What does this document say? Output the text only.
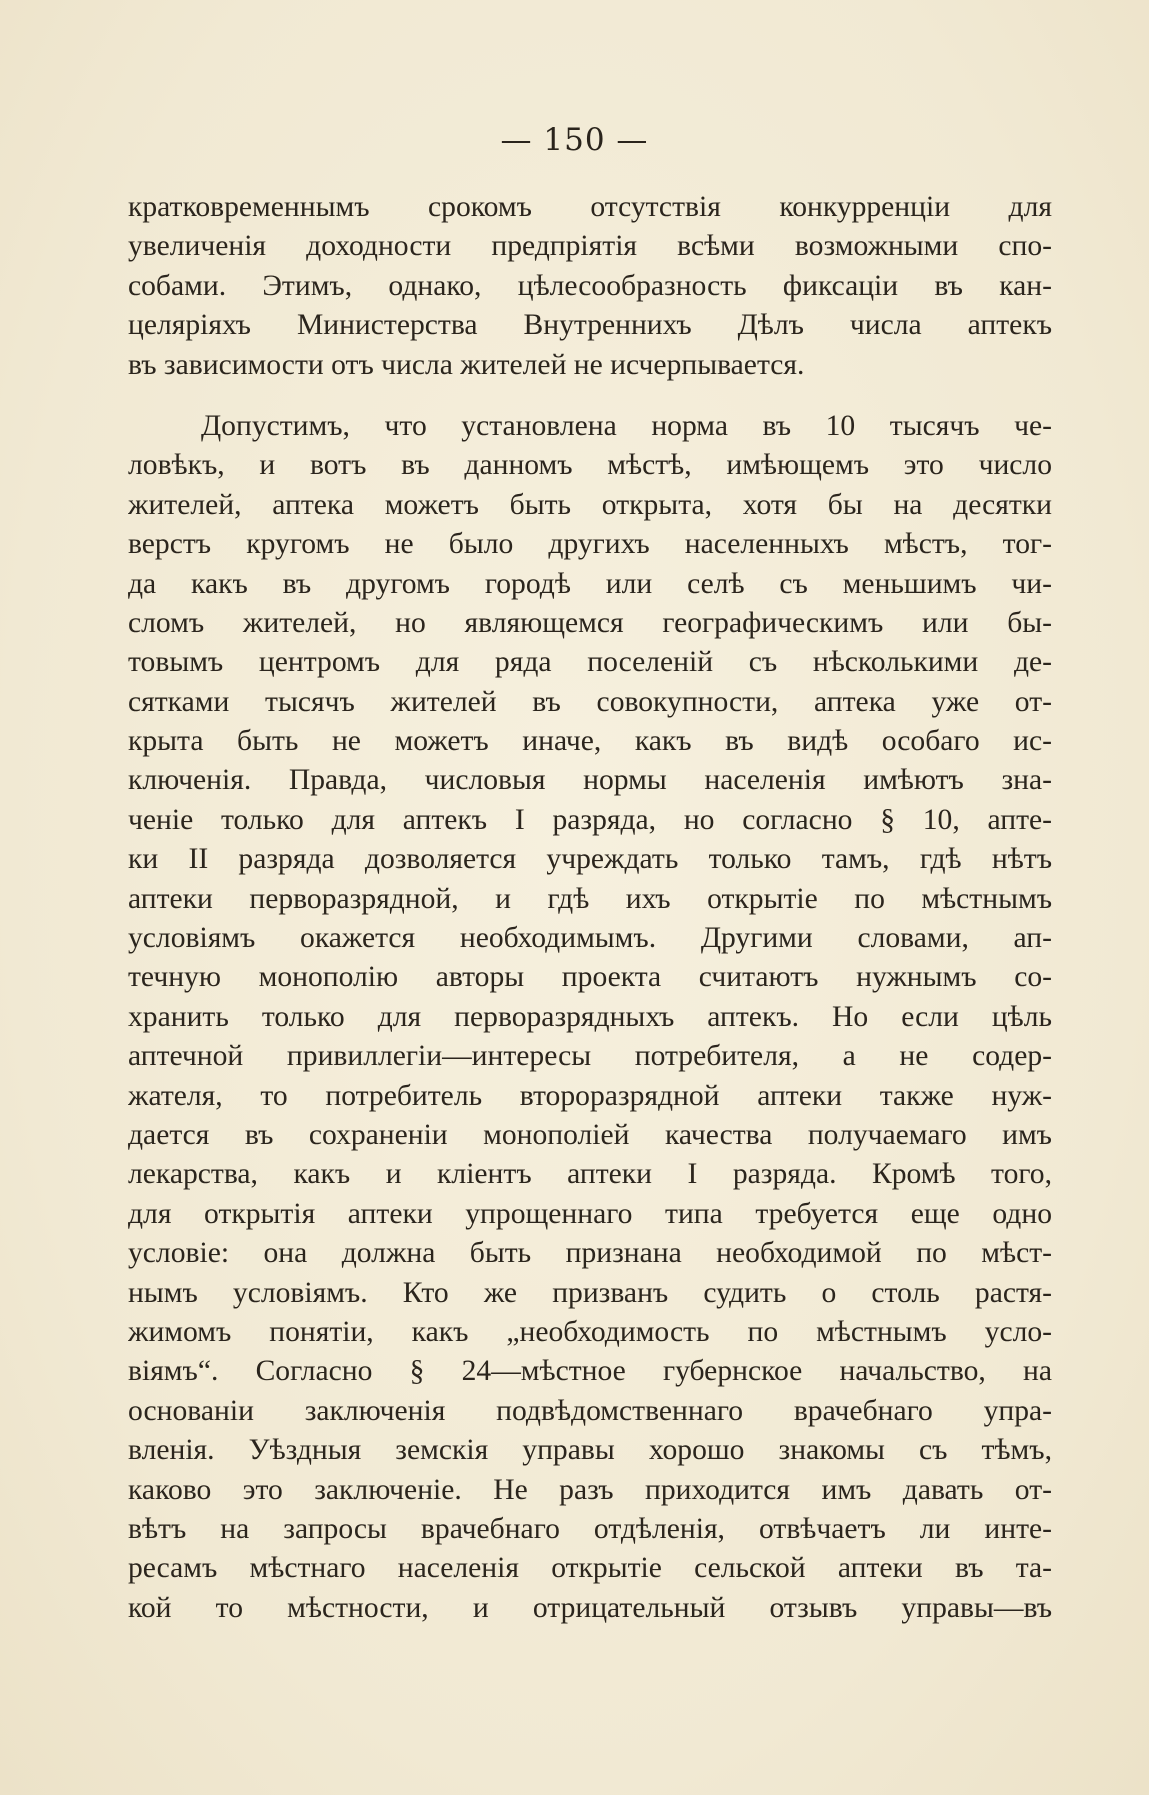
— 150 —
кратковременнымъ срокомъ отсутствія конкурренціи для
увеличенія доходности предпріятія всѣми возможными спо-
собами. Этимъ, однако, цѣлесообразность фиксаціи въ кан-
целяріяхъ Министерства Внутреннихъ Дѣлъ числа аптекъ
въ зависимости отъ числа жителей не исчерпывается.
Допустимъ, что установлена норма въ 10 тысячъ че-
ловѣкъ, и вотъ въ данномъ мѣстѣ, имѣющемъ это число
жителей, аптека можетъ быть открыта, хотя бы на десятки
верстъ кругомъ не было другихъ населенныхъ мѣстъ, тог-
да какъ въ другомъ городѣ или селѣ съ меньшимъ чи-
сломъ жителей, но являющемся географическимъ или бы-
товымъ центромъ для ряда поселеній съ нѣсколькими де-
сятками тысячъ жителей въ совокупности, аптека уже от-
крыта быть не можетъ иначе, какъ въ видѣ особаго ис-
ключенія. Правда, числовыя нормы населенія имѣютъ зна-
ченіе только для аптекъ I разряда, но согласно § 10, апте-
ки II разряда дозволяется учреждать только тамъ, гдѣ нѣтъ
аптеки перворазрядной, и гдѣ ихъ открытіе по мѣстнымъ
условіямъ окажется необходимымъ. Другими словами, ап-
течную монополію авторы проекта считаютъ нужнымъ со-
хранить только для перворазрядныхъ аптекъ. Но если цѣль
аптечной привиллегіи—интересы потребителя, а не содер-
жателя, то потребитель второразрядной аптеки также нуж-
дается въ сохраненіи монополіей качества получаемаго имъ
лекарства, какъ и кліентъ аптеки I разряда. Кромѣ того,
для открытія аптеки упрощеннаго типа требуется еще одно
условіе: она должна быть признана необходимой по мѣст-
нымъ условіямъ. Кто же призванъ судить о столь растя-
жимомъ понятіи, какъ „необходимость по мѣстнымъ усло-
віямъ“. Согласно § 24—мѣстное губернское начальство, на
основаніи заключенія подвѣдомственнаго врачебнаго упра-
вленія. Уѣздныя земскія управы хорошо знакомы съ тѣмъ,
каково это заключеніе. Не разъ приходится имъ давать от-
вѣтъ на запросы врачебнаго отдѣленія, отвѣчаетъ ли инте-
ресамъ мѣстнаго населенія открытіе сельской аптеки въ та-
кой то мѣстности, и отрицательный отзывъ управы—въ
